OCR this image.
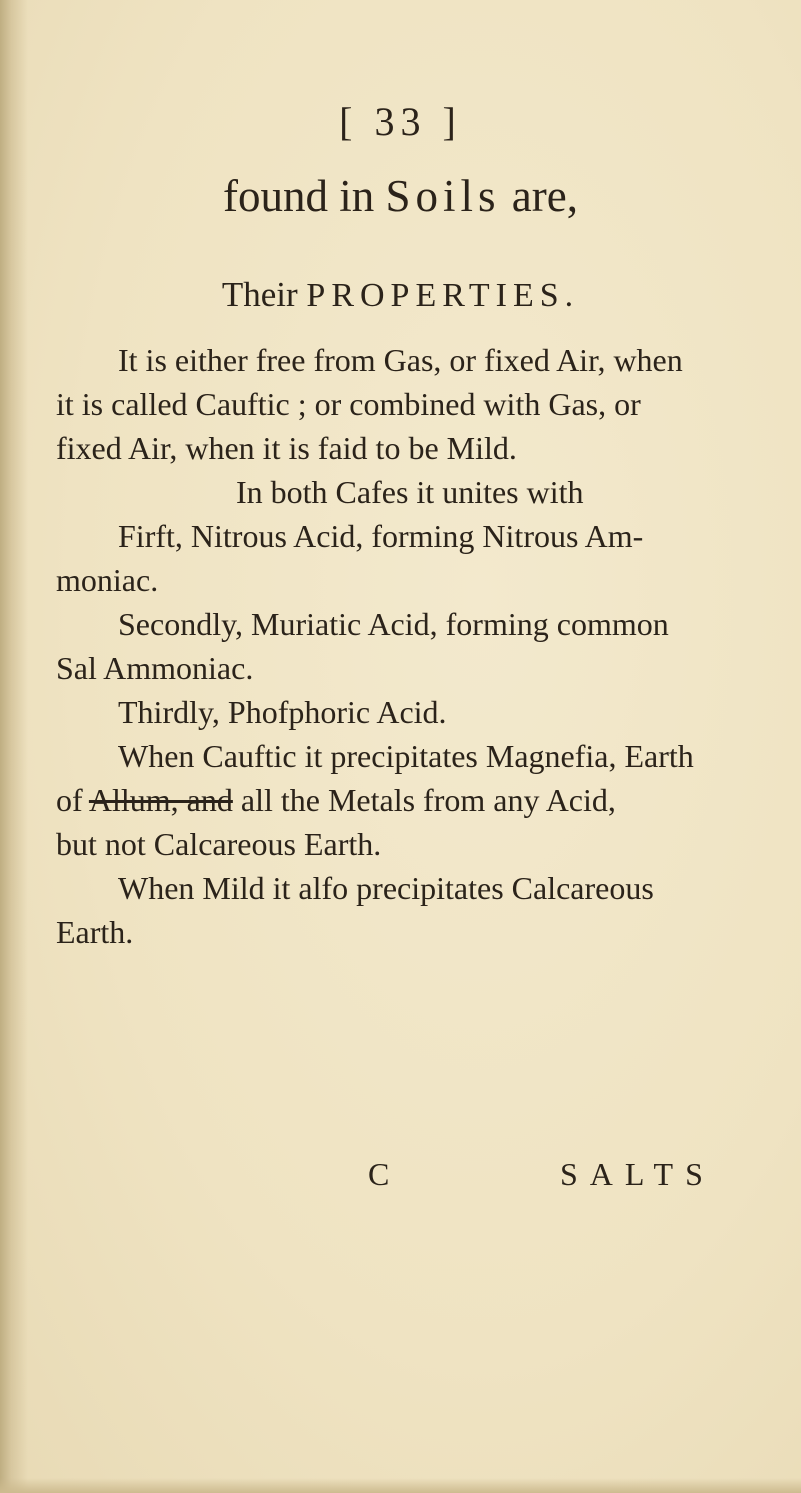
[ 33 ]
found in Soils are,
Their PROPERTIES.
It is either free from Gas, or fixed Air, when
it is called Cauftic ; or combined with Gas, or
fixed Air, when it is faid to be Mild.
In both Cafes it unites with
Firft, Nitrous Acid, forming Nitrous Am-
moniac.
Secondly, Muriatic Acid, forming common
Sal Ammoniac.
Thirdly, Phofphoric Acid.
When Cauftic it precipitates Magnefia, Earth
of Allum, and all the Metals from any Acid,
but not Calcareous Earth.
When Mild it alfo precipitates Calcareous
Earth.
C	SALTS
